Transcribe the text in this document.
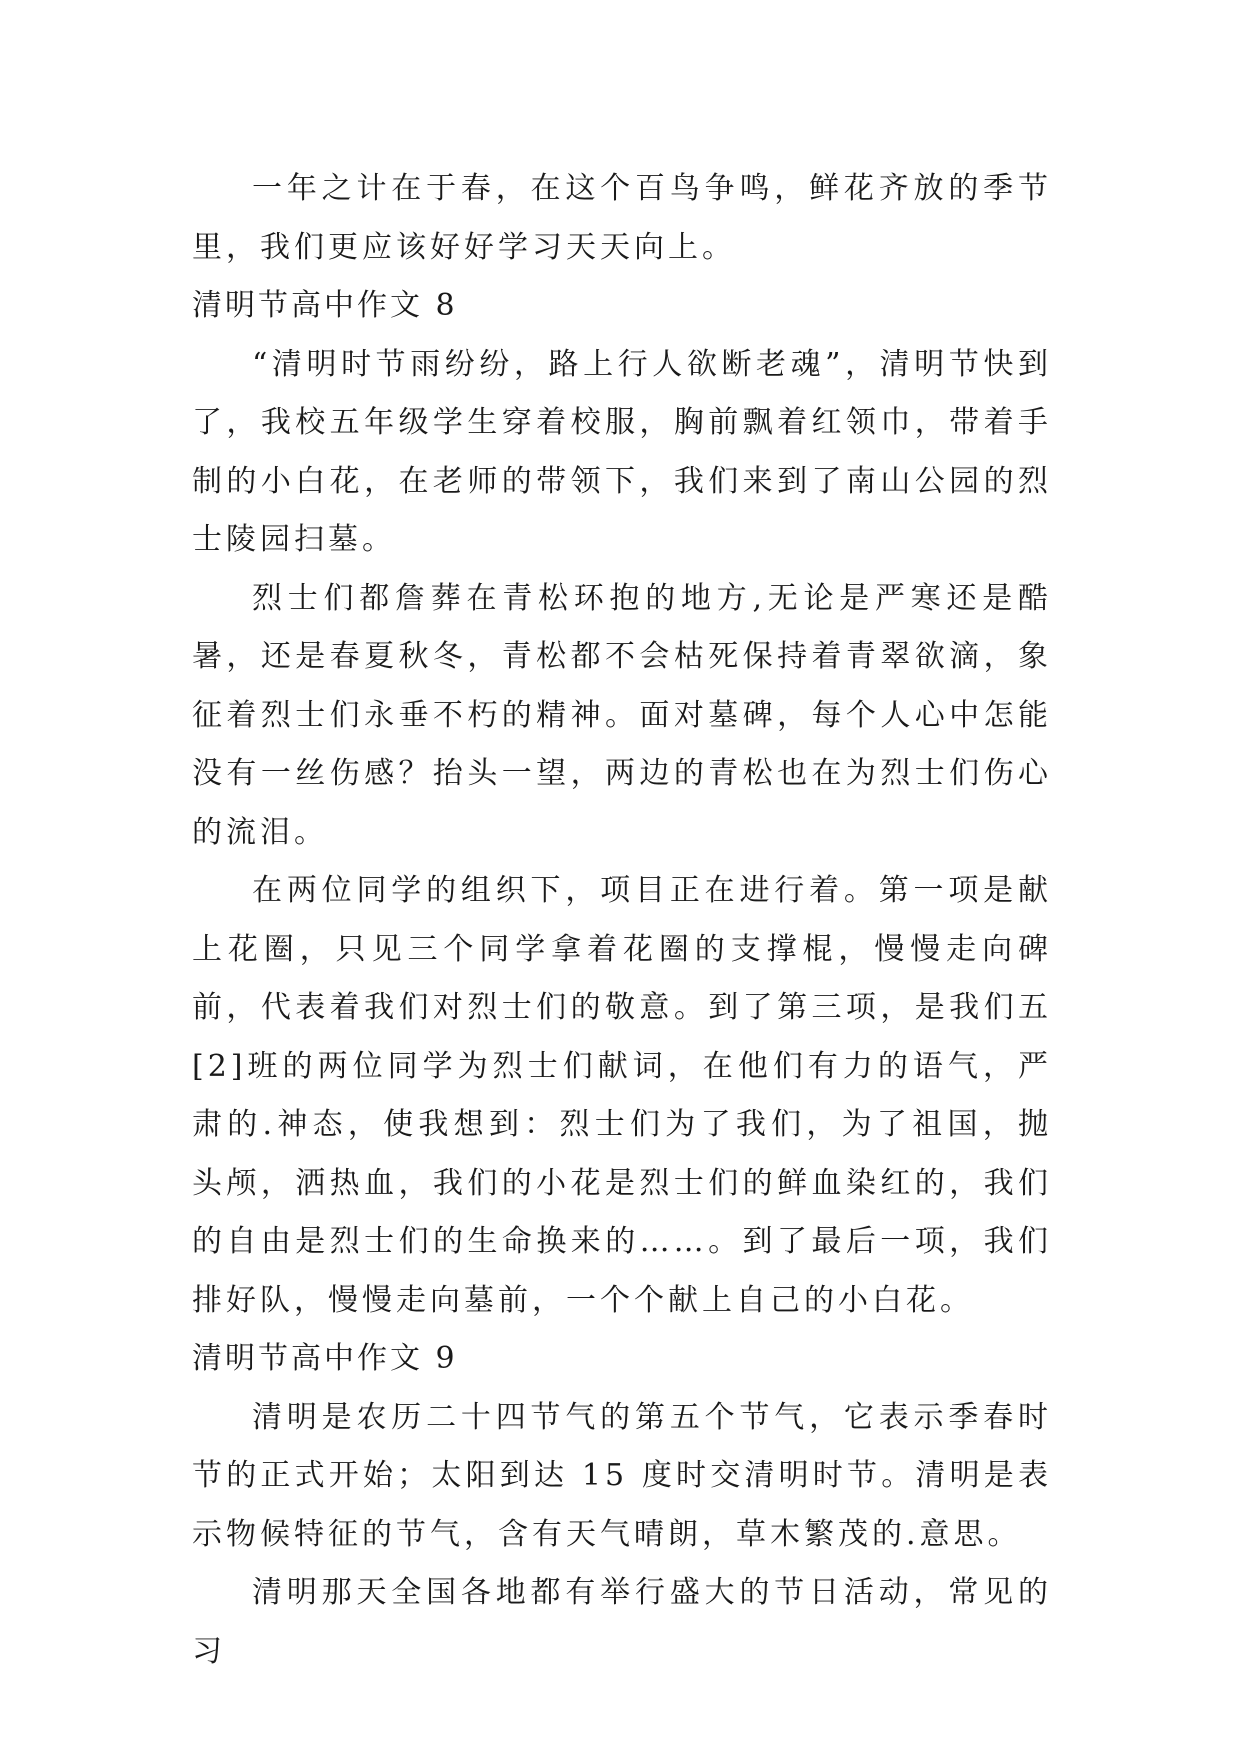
一年之计在于春，在这个百鸟争鸣，鲜花齐放的季节里，我们更应该好好学习天天向上。

清明节高中作文 8

“清明时节雨纷纷，路上行人欲断老魂”，清明节快到了，我校五年级学生穿着校服，胸前飘着红领巾，带着手制的小白花，在老师的带领下，我们来到了南山公园的烈士陵园扫墓。

烈士们都詹葬在青松环抱的地方,无论是严寒还是酷暑，还是春夏秋冬，青松都不会枯死保持着青翠欲滴，象征着烈士们永垂不朽的精神。面对墓碑，每个人心中怎能没有一丝伤感？抬头一望，两边的青松也在为烈士们伤心的流泪。

在两位同学的组织下，项目正在进行着。第一项是献上花圈，只见三个同学拿着花圈的支撑棍，慢慢走向碑前，代表着我们对烈士们的敬意。到了第三项，是我们五[2]班的两位同学为烈士们献词，在他们有力的语气，严肃的.神态，使我想到：烈士们为了我们，为了祖国，抛头颅，洒热血，我们的小花是烈士们的鲜血染红的，我们的自由是烈士们的生命换来的……。到了最后一项，我们排好队，慢慢走向墓前，一个个献上自己的小白花。

清明节高中作文 9

清明是农历二十四节气的第五个节气，它表示季春时节的正式开始；太阳到达 15 度时交清明时节。清明是表示物候特征的节气，含有天气晴朗，草木繁茂的.意思。

清明那天全国各地都有举行盛大的节日活动，常见的习
